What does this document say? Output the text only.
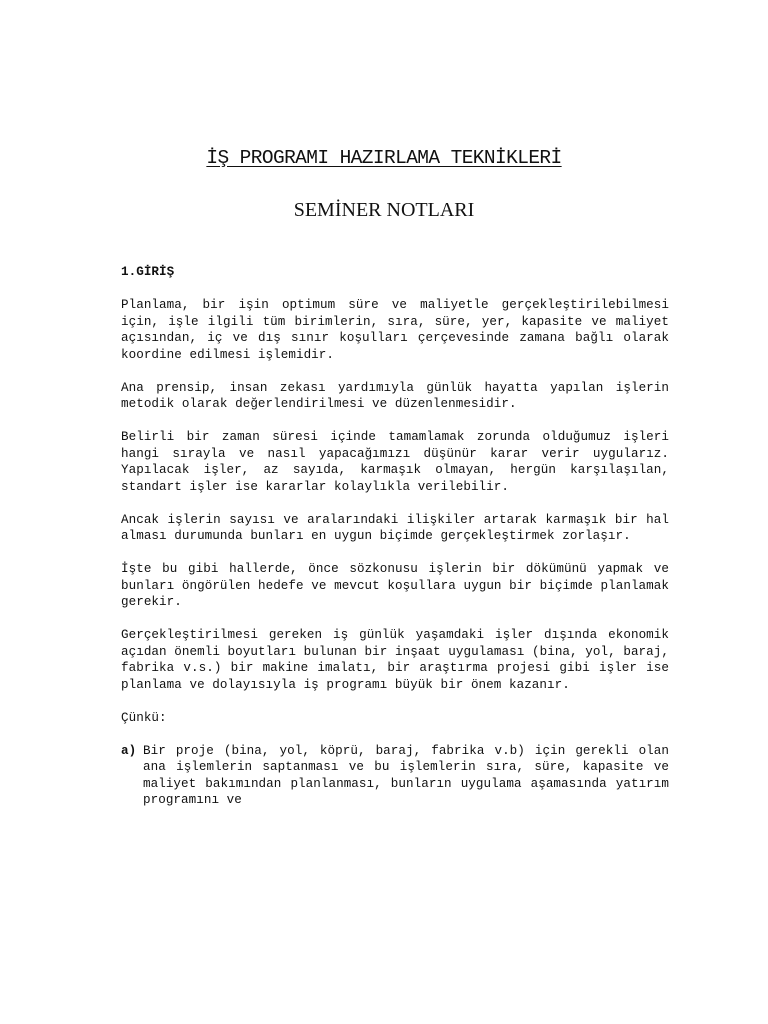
İŞ PROGRAMI HAZIRLAMA TEKNİKLERİ
SEMİNER NOTLARI
1.GİRİŞ

Planlama, bir işin optimum süre ve maliyetle gerçekleştirilebilmesi için, işle ilgili tüm birimlerin, sıra, süre, yer, kapasite ve maliyet açısından, iç ve dış sınır koşulları çerçevesinde zamana bağlı olarak koordine edilmesi işlemidir.

Ana prensip, insan zekası yardımıyla günlük hayatta yapılan işlerin metodik olarak değerlendirilmesi ve düzenlenmesidir.

Belirli bir zaman süresi içinde tamamlamak zorunda olduğumuz işleri hangi sırayla ve nasıl yapacağımızı düşünür karar verir uygularız. Yapılacak işler, az sayıda, karmaşık olmayan, hergün karşılaşılan, standart işler ise kararlar kolaylıkla verilebilir.

Ancak işlerin sayısı ve aralarındaki ilişkiler artarak karmaşık bir hal alması durumunda bunları en uygun biçimde gerçekleştirmek zorlaşır.

İşte bu gibi hallerde, önce sözkonusu işlerin bir dökümünü yapmak ve bunları öngörülen hedefe ve mevcut koşullara uygun bir biçimde planlamak gerekir.

Gerçekleştirilmesi gereken iş günlük yaşamdaki işler dışında ekonomik açıdan önemli boyutları bulunan bir inşaat uygulaması (bina, yol, baraj, fabrika v.s.) bir makine imalatı, bir araştırma projesi gibi işler ise planlama ve dolayısıyla iş programı büyük bir önem kazanır.

Çünkü:

a) Bir proje (bina, yol, köprü, baraj, fabrika v.b) için gerekli olan ana işlemlerin saptanması ve bu işlemlerin sıra, süre, kapasite ve maliyet bakımından planlanması, bunların uygulama aşamasında yatırım programını ve
